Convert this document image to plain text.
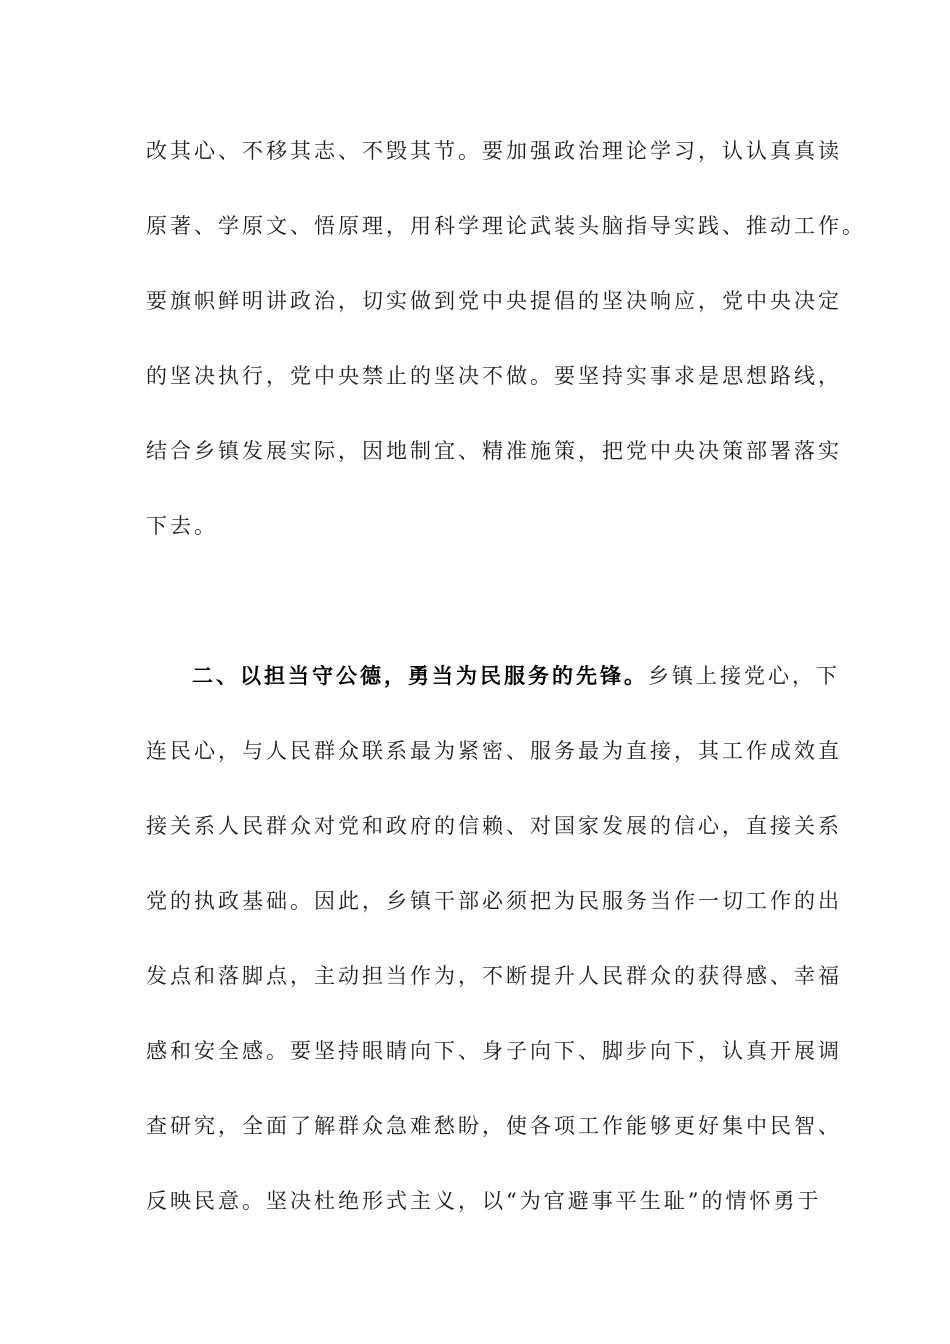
改其心、不移其志、不毁其节。要加强政治理论学习，认认真真读
原著、学原文、悟原理，用科学理论武装头脑指导实践、推动工作。
要旗帜鲜明讲政治，切实做到党中央提倡的坚决响应，党中央决定
的坚决执行，党中央禁止的坚决不做。要坚持实事求是思想路线，
结合乡镇发展实际，因地制宜、精准施策，把党中央决策部署落实
下去。
二、以担当守公德，勇当为民服务的先锋。乡镇上接党心，下
连民心，与人民群众联系最为紧密、服务最为直接，其工作成效直
接关系人民群众对党和政府的信赖、对国家发展的信心，直接关系
党的执政基础。因此，乡镇干部必须把为民服务当作一切工作的出
发点和落脚点，主动担当作为，不断提升人民群众的获得感、幸福
感和安全感。要坚持眼睛向下、身子向下、脚步向下，认真开展调
查研究，全面了解群众急难愁盼，使各项工作能够更好集中民智、
反映民意。坚决杜绝形式主义，以“为官避事平生耻”的情怀勇于
